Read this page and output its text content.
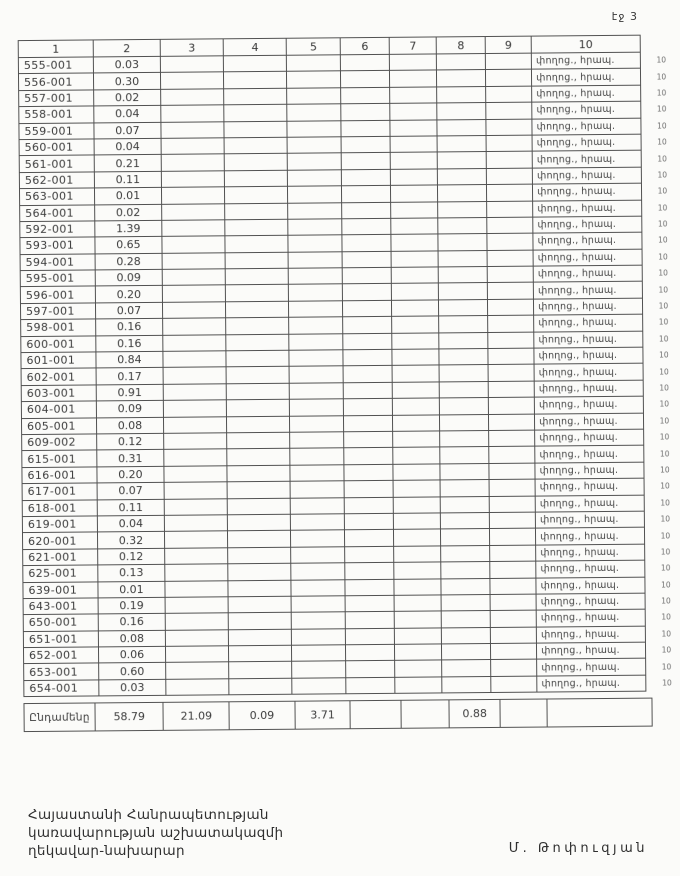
էջ 3
1	2	3	4	5	6	7	8	9	10	
555-001	0.03								փողոց., հրապ.	10
556-001	0.30								փողոց., հրապ.	10
557-001	0.02								փողոց., հրապ.	10
558-001	0.04								փողոց., հրապ.	10
559-001	0.07								փողոց., հրապ.	10
560-001	0.04								փողոց., հրապ.	10
561-001	0.21								փողոց., հրապ.	10
562-001	0.11								փողոց., հրապ.	10
563-001	0.01								փողոց., հրապ.	10
564-001	0.02								փողոց., հրապ.	10
592-001	1.39								փողոց., հրապ.	10
593-001	0.65								փողոց., հրապ.	10
594-001	0.28								փողոց., հրապ.	10
595-001	0.09								փողոց., հրապ.	10
596-001	0.20								փողոց., հրապ.	10
597-001	0.07								փողոց., հրապ.	10
598-001	0.16								փողոց., հրապ.	10
600-001	0.16								փողոց., հրապ.	10
601-001	0.84								փողոց., հրապ.	10
602-001	0.17								փողոց., հրապ.	10
603-001	0.91								փողոց., հրապ.	10
604-001	0.09								փողոց., հրապ.	10
605-001	0.08								փողոց., հրապ.	10
609-002	0.12								փողոց., հրապ.	10
615-001	0.31								փողոց., հրապ.	10
616-001	0.20								փողոց., հրապ.	10
617-001	0.07								փողոց., հրապ.	10
618-001	0.11								փողոց., հրապ.	10
619-001	0.04								փողոց., հրապ.	10
620-001	0.32								փողոց., հրապ.	10
621-001	0.12								փողոց., հրապ.	10
625-001	0.13								փողոց., հրապ.	10
639-001	0.01								փողոց., հրապ.	10
643-001	0.19								փողոց., հրապ.	10
650-001	0.16								փողոց., հրապ.	10
651-001	0.08								փողոց., հրապ.	10
652-001	0.06								փողոց., հրապ.	10
653-001	0.60								փողոց., հրապ.	10
654-001	0.03								փողոց., հրապ.	10
Ընդամենը	58.79	21.09	0.09	3.71			0.88			
Հայաստանի Հանրապետության
կառավարության աշխատակազմի
ղեկավար-նախարար	Մ. Թոփուզյան
